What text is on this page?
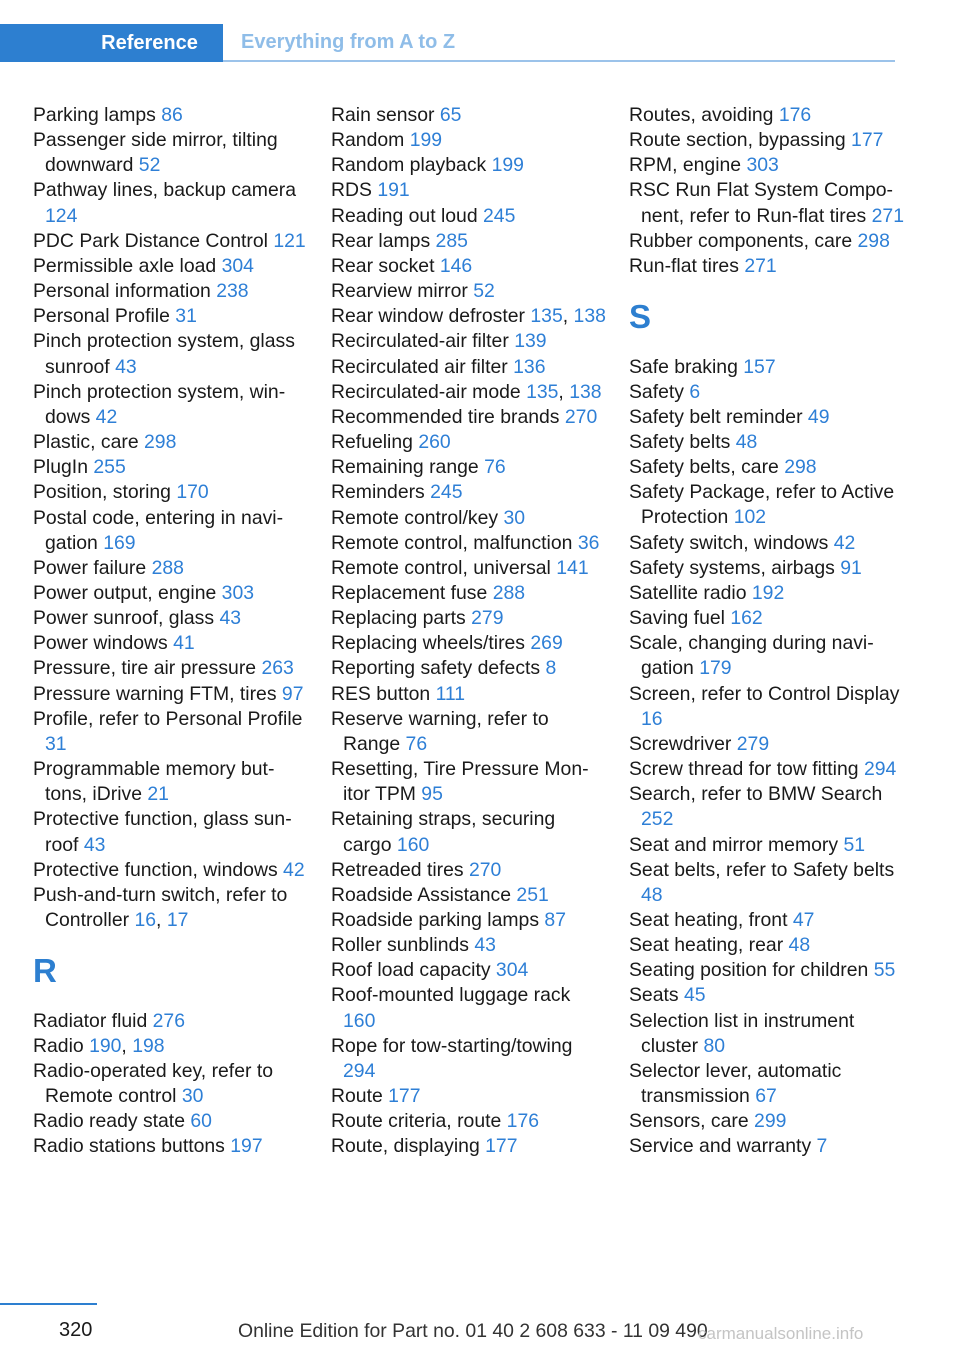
Reference	Everything from A to Z
Parking lamps 86
Passenger side mirror, tilting downward 52
Pathway lines, backup camera 124
PDC Park Distance Control 121
Permissible axle load 304
Personal information 238
Personal Profile 31
Pinch protection system, glass sunroof 43
Pinch protection system, windows 42
Plastic, care 298
PlugIn 255
Position, storing 170
Postal code, entering in navigation 169
Power failure 288
Power output, engine 303
Power sunroof, glass 43
Power windows 41
Pressure, tire air pressure 263
Pressure warning FTM, tires 97
Profile, refer to Personal Profile 31
Programmable memory buttons, iDrive 21
Protective function, glass sunroof 43
Protective function, windows 42
Push-and-turn switch, refer to Controller 16, 17
R
Radiator fluid 276
Radio 190, 198
Radio-operated key, refer to Remote control 30
Radio ready state 60
Radio stations buttons 197
Rain sensor 65
Random 199
Random playback 199
RDS 191
Reading out loud 245
Rear lamps 285
Rear socket 146
Rearview mirror 52
Rear window defroster 135, 138
Recirculated-air filter 139
Recirculated air filter 136
Recirculated-air mode 135, 138
Recommended tire brands 270
Refueling 260
Remaining range 76
Reminders 245
Remote control/key 30
Remote control, malfunction 36
Remote control, universal 141
Replacement fuse 288
Replacing parts 279
Replacing wheels/tires 269
Reporting safety defects 8
RES button 111
Reserve warning, refer to Range 76
Resetting, Tire Pressure Monitor TPM 95
Retaining straps, securing cargo 160
Retreaded tires 270
Roadside Assistance 251
Roadside parking lamps 87
Roller sunblinds 43
Roof load capacity 304
Roof-mounted luggage rack 160
Rope for tow-starting/towing 294
Route 177
Route criteria, route 176
Route, displaying 177
Routes, avoiding 176
Route section, bypassing 177
RPM, engine 303
RSC Run Flat System Component, refer to Run-flat tires 271
Rubber components, care 298
Run-flat tires 271
S
Safe braking 157
Safety 6
Safety belt reminder 49
Safety belts 48
Safety belts, care 298
Safety Package, refer to Active Protection 102
Safety switch, windows 42
Safety systems, airbags 91
Satellite radio 192
Saving fuel 162
Scale, changing during navigation 179
Screen, refer to Control Display 16
Screwdriver 279
Screw thread for tow fitting 294
Search, refer to BMW Search 252
Seat and mirror memory 51
Seat belts, refer to Safety belts 48
Seat heating, front 47
Seat heating, rear 48
Seating position for children 55
Seats 45
Selection list in instrument cluster 80
Selector lever, automatic transmission 67
Sensors, care 299
Service and warranty 7
320	Online Edition for Part no. 01 40 2 608 633 - 11 09 490
carmanualsonline.info
